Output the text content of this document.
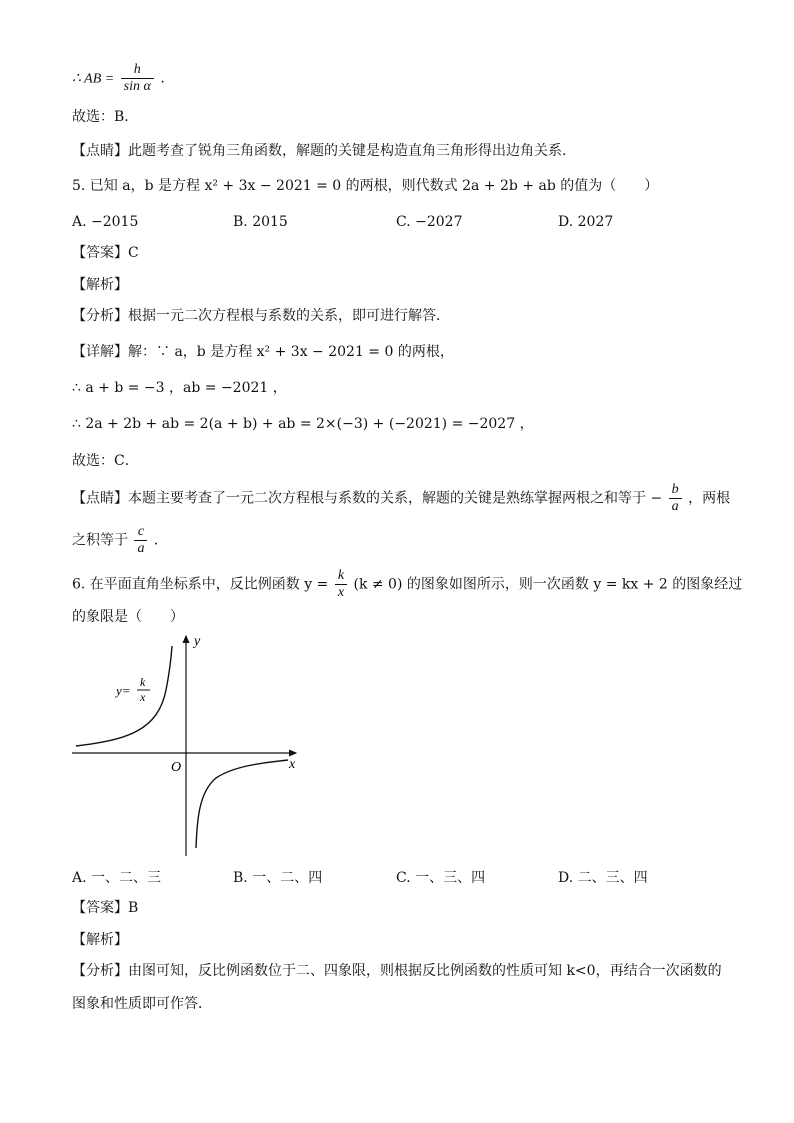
∴ AB = $\frac{h}{\text{sin α}}$ .
故选：B．
【点睛】此题考查了锐角三角函数，解题的关键是构造直角三角形得出边角关系．
5. 已知 a，b 是方程 x² + 3x − 2021 = 0 的两根，则代数式 2a + 2b + ab 的值为（　　）
A. −2015	B. 2015	C. −2027	D. 2027
【答案】C
【解析】
【分析】根据一元二次方程根与系数的关系，即可进行解答．
【详解】解：∵ a，b 是方程 x² + 3x − 2021 = 0 的两根，
∴ a + b = −3 ，ab = −2021 ，
∴ 2a + 2b + ab = 2(a + b) + ab = 2×(−3) + (−2021) = −2027 ，
故选：C．
【点睛】本题主要考查了一元二次方程根与系数的关系，解题的关键是熟练掌握两根之和等于 − $\frac{b}{a}$ ，两根
之积等于 $\frac{c}{a}$ ．
6. 在平面直角坐标系中，反比例函数 $y = \frac{k}{x} (k \ne 0)$ 的图象如图所示，则一次函数 y = kx + 2 的图象经过
的象限是（　　）
x
y
O
y=
k
x
A. 一、二、三	B. 一、二、四	C. 一、三、四	D. 二、三、四
【答案】B
【解析】
【分析】由图可知，反比例函数位于二、四象限，则根据反比例函数的性质可知 k<0，再结合一次函数的
图象和性质即可作答．
